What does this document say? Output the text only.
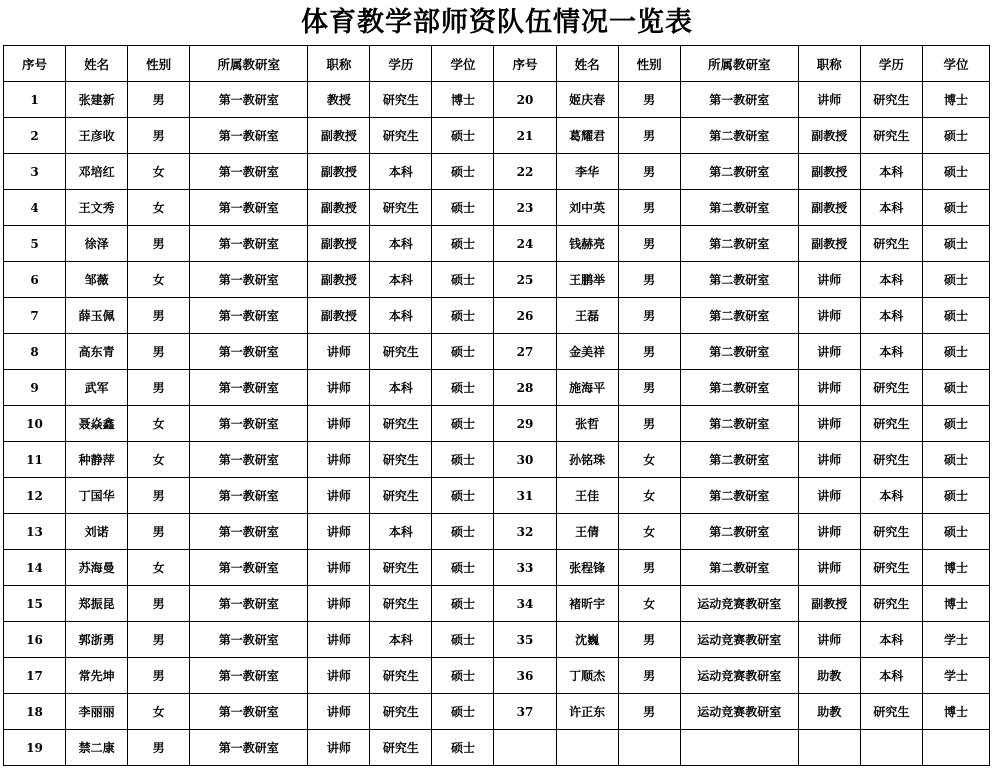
体育教学部师资队伍情况一览表
序号	姓名	性别	所属教研室	职称	学历	学位	序号	姓名	性别	所属教研室	职称	学历	学位
1	张建新	男	第一教研室	教授	研究生	博士	20	姬庆春	男	第一教研室	讲师	研究生	博士
2	王彦收	男	第一教研室	副教授	研究生	硕士	21	葛耀君	男	第二教研室	副教授	研究生	硕士
3	邓培红	女	第一教研室	副教授	本科	硕士	22	李华	男	第二教研室	副教授	本科	硕士
4	王文秀	女	第一教研室	副教授	研究生	硕士	23	刘中英	男	第二教研室	副教授	本科	硕士
5	徐泽	男	第一教研室	副教授	本科	硕士	24	钱赫亮	男	第二教研室	副教授	研究生	硕士
6	邹薇	女	第一教研室	副教授	本科	硕士	25	王鹏举	男	第二教研室	讲师	本科	硕士
7	薛玉佩	男	第一教研室	副教授	本科	硕士	26	王磊	男	第二教研室	讲师	本科	硕士
8	高东青	男	第一教研室	讲师	研究生	硕士	27	金美祥	男	第二教研室	讲师	本科	硕士
9	武军	男	第一教研室	讲师	本科	硕士	28	施海平	男	第二教研室	讲师	研究生	硕士
10	聂焱鑫	女	第一教研室	讲师	研究生	硕士	29	张哲	男	第二教研室	讲师	研究生	硕士
11	种静萍	女	第一教研室	讲师	研究生	硕士	30	孙铭珠	女	第二教研室	讲师	研究生	硕士
12	丁国华	男	第一教研室	讲师	研究生	硕士	31	王佳	女	第二教研室	讲师	本科	硕士
13	刘诺	男	第一教研室	讲师	本科	硕士	32	王倩	女	第二教研室	讲师	研究生	硕士
14	苏海曼	女	第一教研室	讲师	研究生	硕士	33	张程锋	男	第二教研室	讲师	研究生	博士
15	郑振昆	男	第一教研室	讲师	研究生	硕士	34	褚昕宇	女	运动竞赛教研室	副教授	研究生	博士
16	郭浙勇	男	第一教研室	讲师	本科	硕士	35	沈巍	男	运动竞赛教研室	讲师	本科	学士
17	常先坤	男	第一教研室	讲师	研究生	硕士	36	丁顺杰	男	运动竞赛教研室	助教	本科	学士
18	李丽丽	女	第一教研室	讲师	研究生	硕士	37	许正东	男	运动竞赛教研室	助教	研究生	博士
19	禁二康	男	第一教研室	讲师	研究生	硕士							
